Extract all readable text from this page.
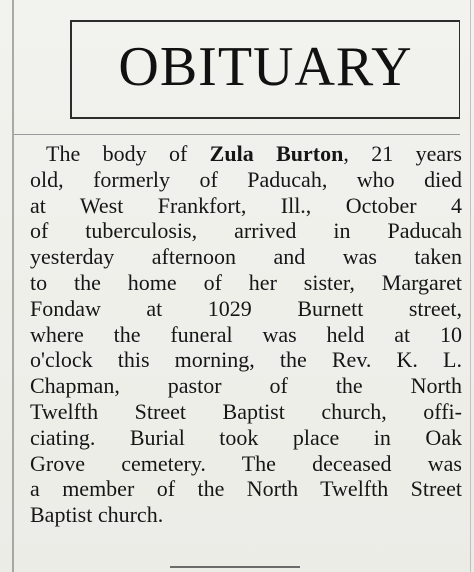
OBITUARY
The body of Zula Burton, 21 years
old, formerly of Paducah, who died
at West Frankfort, Ill., October 4
of tuberculosis, arrived in Paducah
yesterday afternoon and was taken
to the home of her sister, Margaret
Fondaw at 1029 Burnett street,
where the funeral was held at 10
o'clock this morning, the Rev. K. L.
Chapman, pastor of the North
Twelfth Street Baptist church, offi-
ciating. Burial took place in Oak
Grove cemetery. The deceased was
a member of the North Twelfth Street
Baptist church.
